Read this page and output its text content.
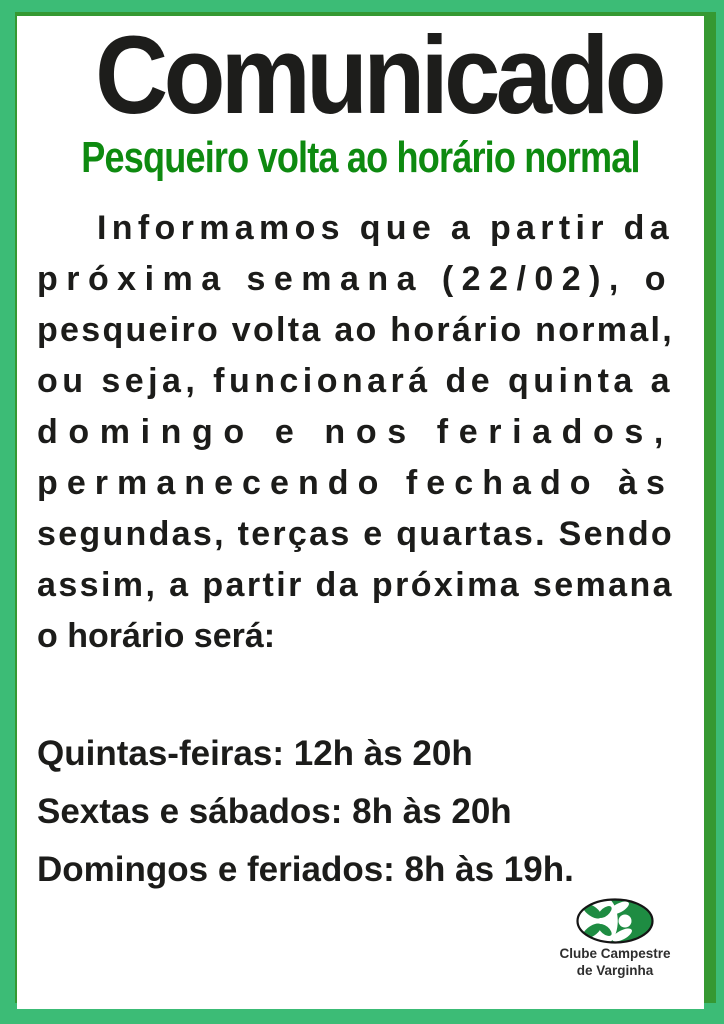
Comunicado
Pesqueiro volta ao horário normal
Informamos que a partir da
próxima semana (22/02), o
pesqueiro volta ao horário normal,
ou seja, funcionará de quinta a
domingo e nos feriados,
permanecendo fechado às
segundas, terças e quartas. Sendo
assim, a partir da próxima semana
o horário será:
Quintas-feiras: 12h às 20h
Sextas e sábados: 8h às 20h
Domingos e feriados: 8h às 19h.
Clube Campestre
de Varginha
